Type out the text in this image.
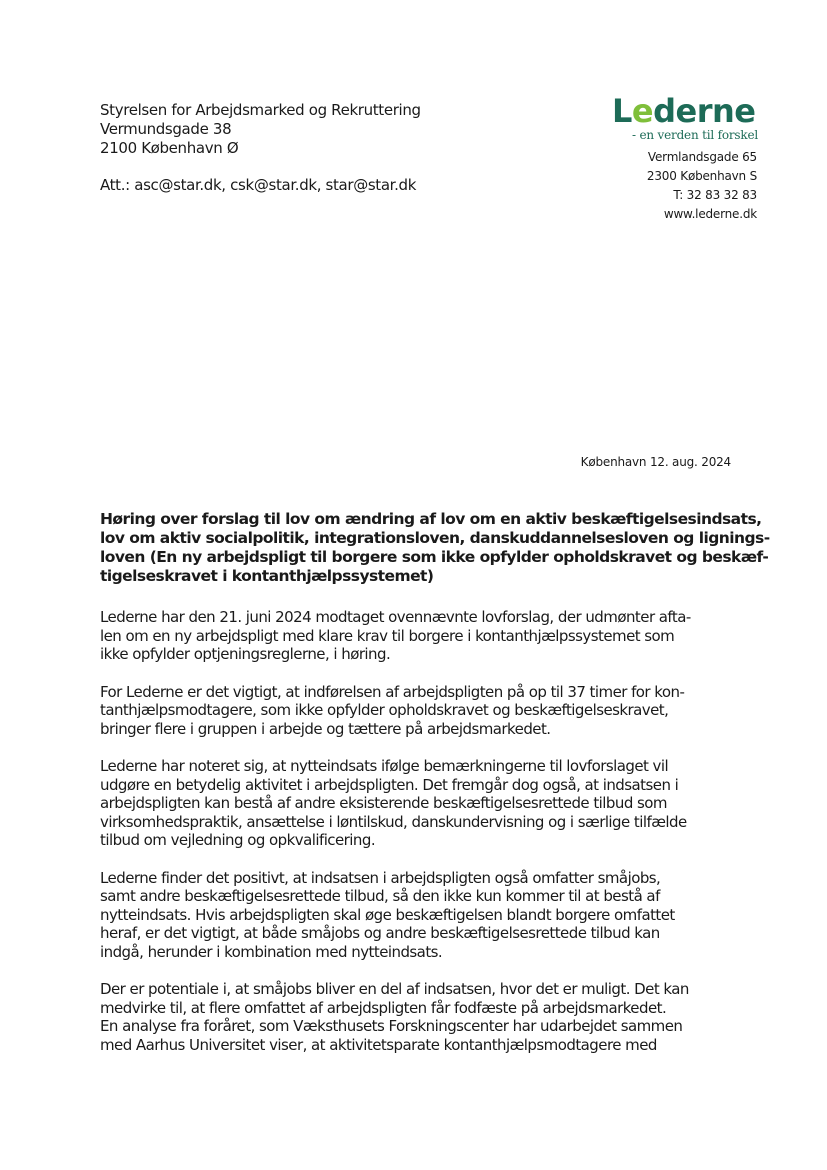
Styrelsen for Arbejdsmarked og Rekruttering
Vermundsgade 38
2100 København Ø
Att.: asc@star.dk, csk@star.dk, star@star.dk
Lederne
- en verden til forskel
Vermlandsgade 65
2300 København S
T: 32 83 32 83
www.lederne.dk
København 12. aug. 2024
Høring over forslag til lov om ændring af lov om en aktiv beskæftigelsesindsats,
lov om aktiv socialpolitik, integrationsloven, danskuddannelsesloven og lignings-
loven (En ny arbejdspligt til borgere som ikke opfylder opholdskravet og beskæf-
tigelseskravet i kontanthjælpssystemet)
Lederne har den 21. juni 2024 modtaget ovennævnte lovforslag, der udmønter afta-
len om en ny arbejdspligt med klare krav til borgere i kontanthjælpssystemet som
ikke opfylder optjeningsreglerne, i høring.
For Lederne er det vigtigt, at indførelsen af arbejdspligten på op til 37 timer for kon-
tanthjælpsmodtagere, som ikke opfylder opholdskravet og beskæftigelseskravet,
bringer flere i gruppen i arbejde og tættere på arbejdsmarkedet.
Lederne har noteret sig, at nytteindsats ifølge bemærkningerne til lovforslaget vil
udgøre en betydelig aktivitet i arbejdspligten. Det fremgår dog også, at indsatsen i
arbejdspligten kan bestå af andre eksisterende beskæftigelsesrettede tilbud som
virksomhedspraktik, ansættelse i løntilskud, danskundervisning og i særlige tilfælde
tilbud om vejledning og opkvalificering.
Lederne finder det positivt, at indsatsen i arbejdspligten også omfatter småjobs,
samt andre beskæftigelsesrettede tilbud, så den ikke kun kommer til at bestå af
nytteindsats. Hvis arbejdspligten skal øge beskæftigelsen blandt borgere omfattet
heraf, er det vigtigt, at både småjobs og andre beskæftigelsesrettede tilbud kan
indgå, herunder i kombination med nytteindsats.
Der er potentiale i, at småjobs bliver en del af indsatsen, hvor det er muligt. Det kan
medvirke til, at flere omfattet af arbejdspligten får fodfæste på arbejdsmarkedet.
En analyse fra foråret, som Væksthusets Forskningscenter har udarbejdet sammen
med Aarhus Universitet viser, at aktivitetsparate kontanthjælpsmodtagere med
